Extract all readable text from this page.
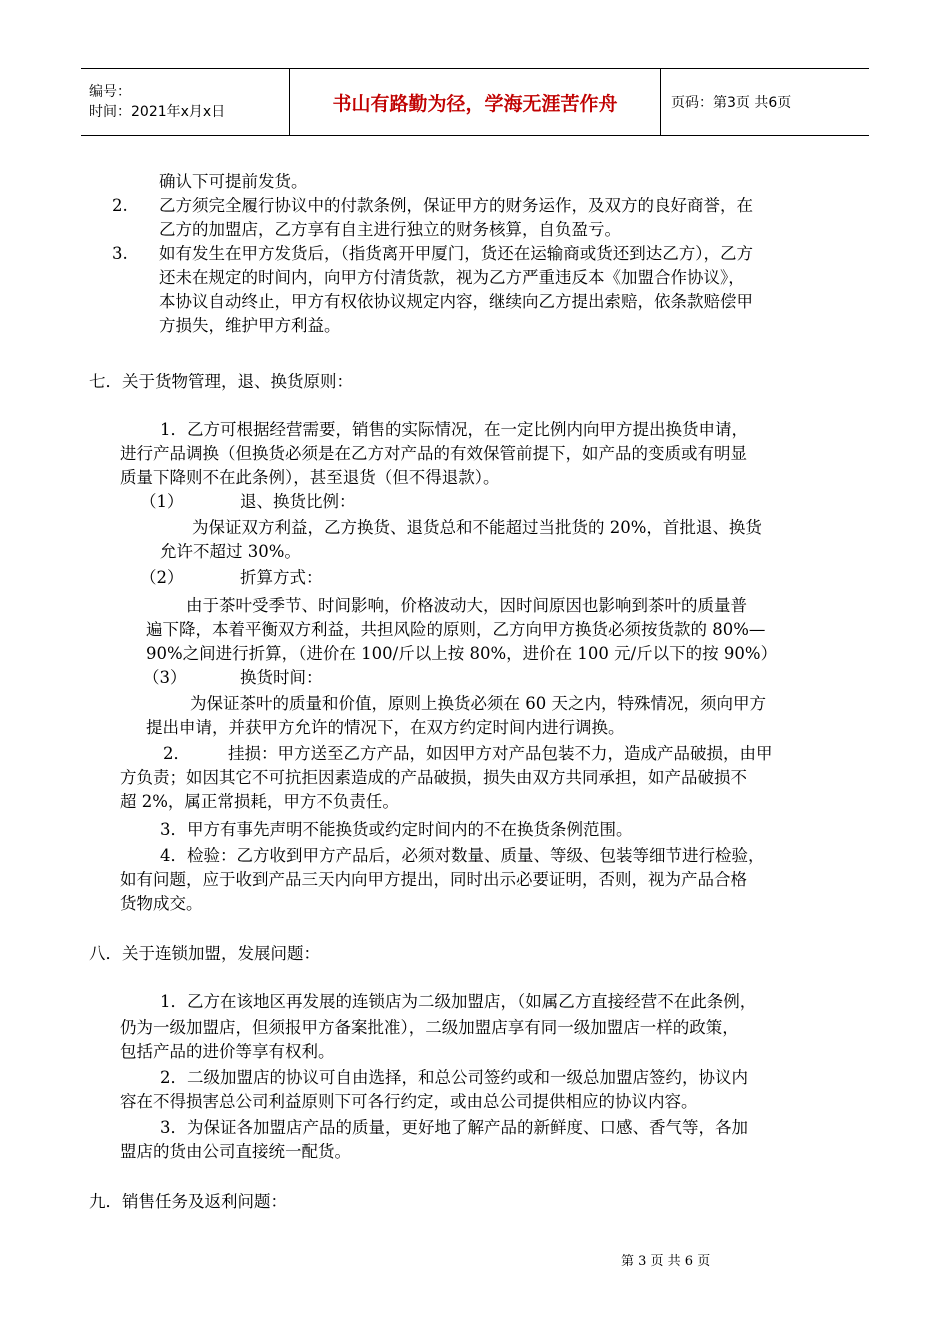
编号：
时间：2021年x月x日	书山有路勤为径，学海无涯苦作舟	页码：第3页 共6页
确认下可提前发货。
2. 乙方须完全履行协议中的付款条例，保证甲方的财务运作，及双方的良好商誉，在
乙方的加盟店，乙方享有自主进行独立的财务核算，自负盈亏。
3. 如有发生在甲方发货后，（指货离开甲厦门，货还在运输商或货还到达乙方），乙方
还未在规定的时间内，向甲方付清货款，视为乙方严重违反本《加盟合作协议》，
本协议自动终止，甲方有权依协议规定内容，继续向乙方提出索赔，依条款赔偿甲
方损失，维护甲方利益。
七．关于货物管理，退、换货原则：
1．乙方可根据经营需要，销售的实际情况，在一定比例内向甲方提出换货申请，
进行产品调换（但换货必须是在乙方对产品的有效保管前提下，如产品的变质或有明显
质量下降则不在此条例），甚至退货（但不得退款）。
（1）	退、换货比例：
为保证双方利益，乙方换货、退货总和不能超过当批货的 20%，首批退、换货
允许不超过 30%。
（2）	折算方式：
由于茶叶受季节、时间影响，价格波动大，因时间原因也影响到茶叶的质量普
遍下降，本着平衡双方利益，共担风险的原则，乙方向甲方换货必须按货款的 80%—
90%之间进行折算，（进价在 100/斤以上按 80%，进价在 100 元/斤以下的按 90%）
（3）	换货时间：
为保证茶叶的质量和价值，原则上换货必须在 60 天之内，特殊情况，须向甲方
提出申请，并获甲方允许的情况下，在双方约定时间内进行调换。
2． 挂损：甲方送至乙方产品，如因甲方对产品包装不力，造成产品破损，由甲
方负责；如因其它不可抗拒因素造成的产品破损，损失由双方共同承担，如产品破损不
超 2%，属正常损耗，甲方不负责任。
3．甲方有事先声明不能换货或约定时间内的不在换货条例范围。
4．检验：乙方收到甲方产品后，必须对数量、质量、等级、包装等细节进行检验，
如有问题，应于收到产品三天内向甲方提出，同时出示必要证明，否则，视为产品合格
货物成交。
八．关于连锁加盟，发展问题：
1．乙方在该地区再发展的连锁店为二级加盟店，（如属乙方直接经营不在此条例，
仍为一级加盟店，但须报甲方备案批准），二级加盟店享有同一级加盟店一样的政策，
包括产品的进价等享有权利。
2．二级加盟店的协议可自由选择，和总公司签约或和一级总加盟店签约，协议内
容在不得损害总公司利益原则下可各行约定，或由总公司提供相应的协议内容。
3．为保证各加盟店产品的质量，更好地了解产品的新鲜度、口感、香气等，各加
盟店的货由公司直接统一配货。
九．销售任务及返利问题：
第 3 页 共 6 页
